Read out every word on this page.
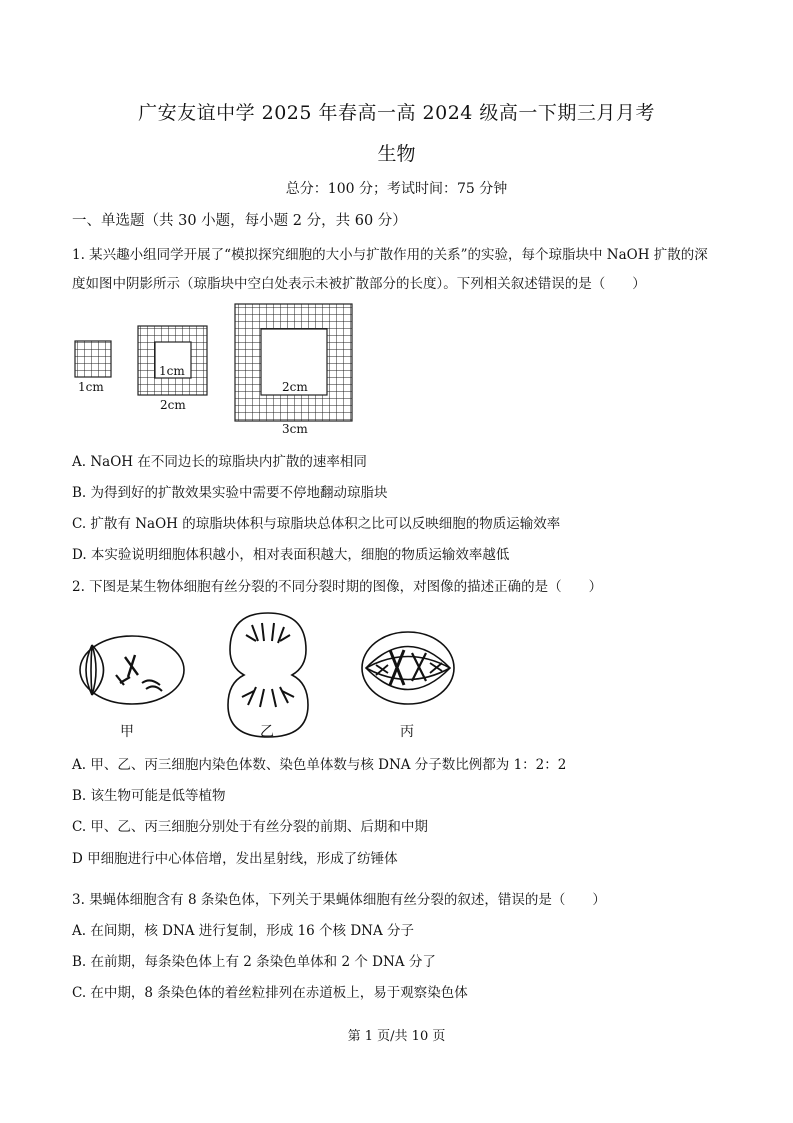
广安友谊中学 2025 年春高一高 2024 级高一下期三月月考
生物
总分：100 分；考试时间：75 分钟
一、单选题（共 30 小题，每小题 2 分，共 60 分）
1. 某兴趣小组同学开展了“模拟探究细胞的大小与扩散作用的关系”的实验，每个琼脂块中 NaOH 扩散的深
度如图中阴影所示（琼脂块中空白处表示未被扩散部分的长度）。下列相关叙述错误的是（　　）
1cm
1cm
2cm
2cm
3cm
A. NaOH 在不同边长的琼脂块内扩散的速率相同
B. 为得到好的扩散效果实验中需要不停地翻动琼脂块
C. 扩散有 NaOH 的琼脂块体积与琼脂块总体积之比可以反映细胞的物质运输效率
D. 本实验说明细胞体积越小，相对表面积越大，细胞的物质运输效率越低
2. 下图是某生物体细胞有丝分裂的不同分裂时期的图像，对图像的描述正确的是（　　）
甲	乙	丙
A. 甲、乙、丙三细胞内染色体数、染色单体数与核 DNA 分子数比例都为 1：2：2
B. 该生物可能是低等植物
C. 甲、乙、丙三细胞分别处于有丝分裂的前期、后期和中期
D 甲细胞进行中心体倍增，发出星射线，形成了纺锤体
3. 果蝇体细胞含有 8 条染色体，下列关于果蝇体细胞有丝分裂的叙述，错误的是（　　）
A. 在间期，核 DNA 进行复制，形成 16 个核 DNA 分子
B. 在前期，每条染色体上有 2 条染色单体和 2 个 DNA 分了
C. 在中期，8 条染色体的着丝粒排列在赤道板上，易于观察染色体
第 1 页/共 10 页
